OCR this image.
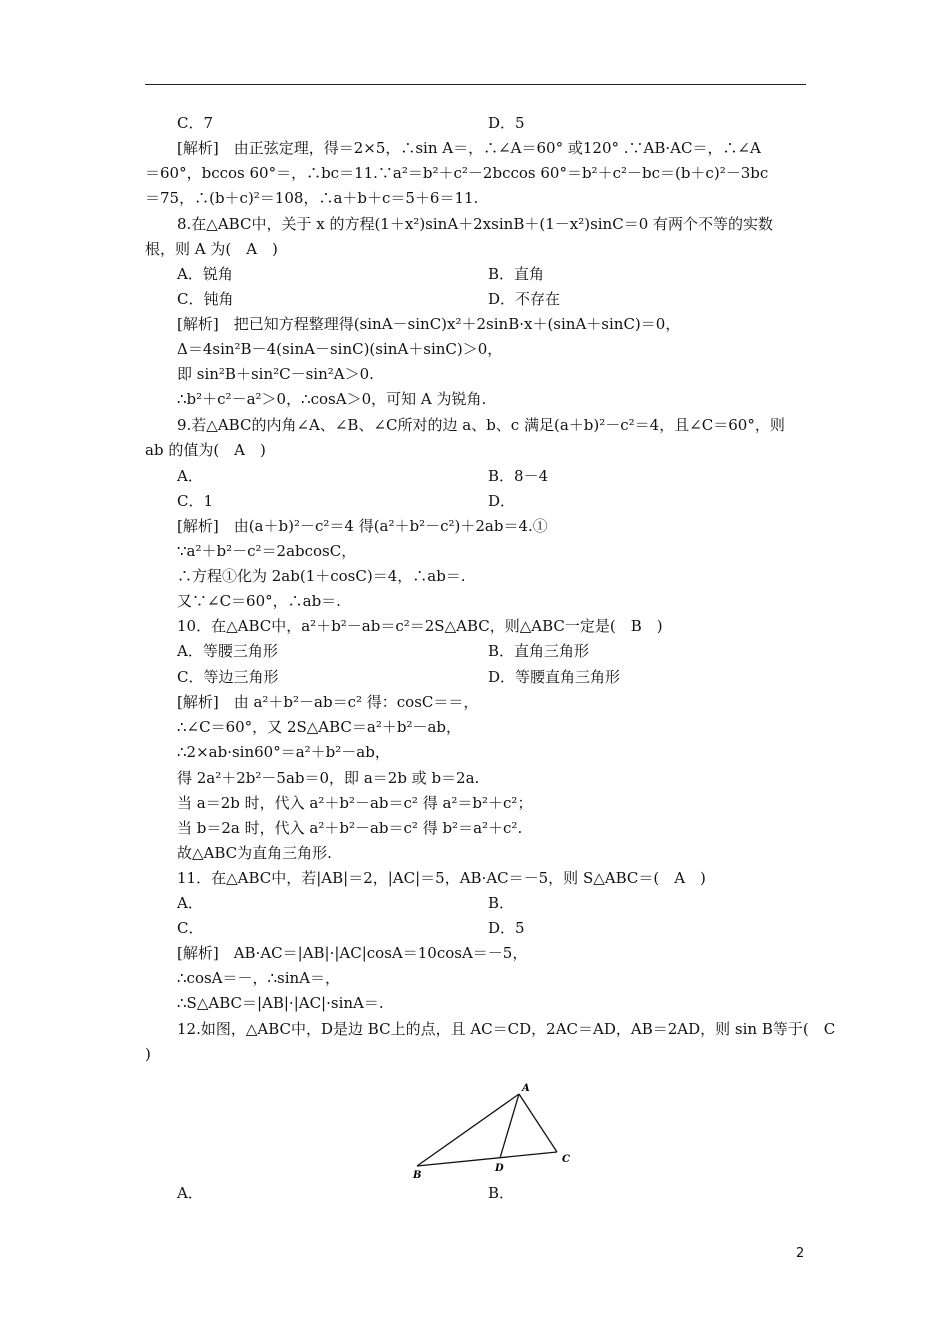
C．7	D．5
[解析]　由正弦定理，得＝2×5，∴sin A＝，∴∠A＝60° 或120° .∵AB·AC＝，∴∠A
＝60°，bccos 60°＝，∴bc＝11.∵a²＝b²＋c²－2bccos 60°＝b²＋c²－bc＝(b＋c)²－3bc
＝75，∴(b＋c)²＝108，∴a＋b＋c＝5＋6＝11.
8.在△ABC中，关于 x 的方程(1＋x²)sinA＋2xsinB＋(1－x²)sinC＝0 有两个不等的实数
根，则 A 为(　A　)
A．锐角	B．直角
C．钝角	D．不存在
[解析]　把已知方程整理得(sinA－sinC)x²＋2sinB·x＋(sinA＋sinC)＝0，
Δ＝4sin²B－4(sinA－sinC)(sinA＋sinC)＞0，
即 sin²B＋sin²C－sin²A＞0.
∴b²＋c²－a²＞0，∴cosA＞0，可知 A 为锐角.
9.若△ABC的内角∠A、∠B、∠C所对的边 a、b、c 满足(a＋b)²－c²＝4，且∠C＝60°，则
ab 的值为(　A　)
A．	B．8－4
C．1	D．
[解析]　由(a＋b)²－c²＝4 得(a²＋b²－c²)＋2ab＝4.①
∵a²＋b²－c²＝2abcosC，
∴方程①化为 2ab(1＋cosC)＝4，∴ab＝.
又∵∠C＝60°，∴ab＝.
10．在△ABC中，a²＋b²－ab＝c²＝2S△ABC，则△ABC一定是(　B　)
A．等腰三角形	B．直角三角形
C．等边三角形	D．等腰直角三角形
[解析]　由 a²＋b²－ab＝c² 得：cosC＝＝，
∴∠C＝60°，又 2S△ABC＝a²＋b²－ab，
∴2×ab·sin60°＝a²＋b²－ab，
得 2a²＋2b²－5ab＝0，即 a＝2b 或 b＝2a.
当 a＝2b 时，代入 a²＋b²－ab＝c² 得 a²＝b²＋c²；
当 b＝2a 时，代入 a²＋b²－ab＝c² 得 b²＝a²＋c².
故△ABC为直角三角形.
11．在△ABC中，若|AB|＝2，|AC|＝5，AB·AC＝－5，则 S△ABC＝(　A　)
A．	B．
C．	D．5
[解析]　AB·AC＝|AB|·|AC|cosA＝10cosA＝－5，
∴cosA＝－，∴sinA＝，
∴S△ABC＝|AB|·|AC|·sinA＝.
12.如图，△ABC中，D是边 BC上的点，且 AC＝CD，2AC＝AD，AB＝2AD，则 sin B等于(　C
)
A．	B．
A
B
C
D
2
